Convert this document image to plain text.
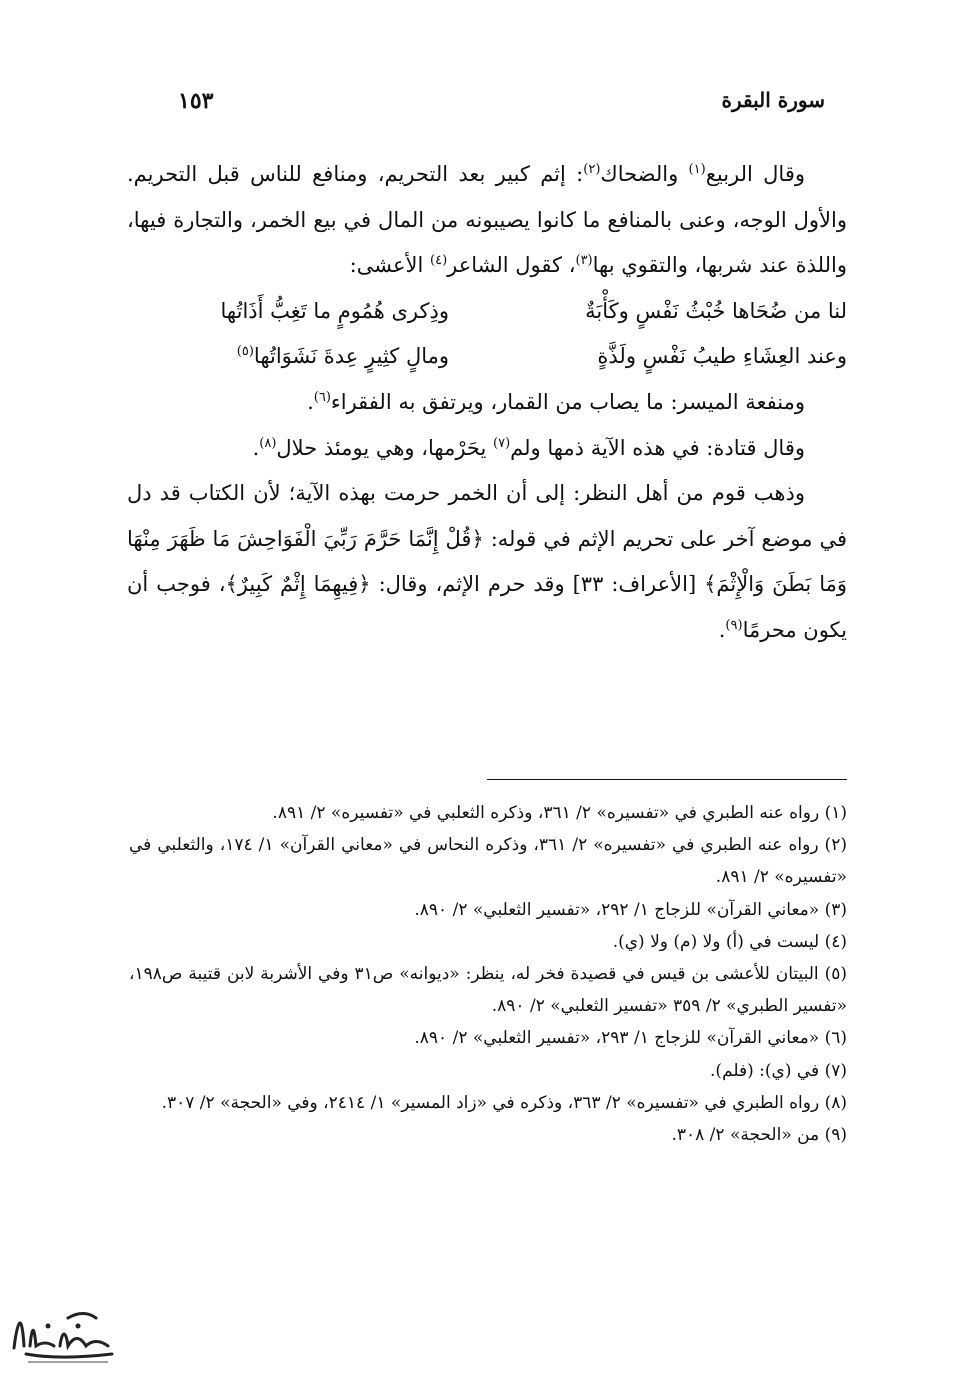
سورة البقرة
١٥٣

وقال الربيع$^{(١)}$ والضحاك$^{(٢)}$: إثم كبير بعد التحريم، ومنافع للناس قبل التحريم. والأول الوجه، وعنى بالمنافع ما كانوا يصيبونه من المال في بيع الخمر، والتجارة فيها، واللذة عند شربها، والتقوي بها$^{(٣)}$، كقول الشاعر$^{(٤)}$ الأعشى:

لنا من ضُحَاها خُبْثُ نَفْسٍ وكَأْبَةٌ
وذِكرى هُمُومٍ ما تَغِبُّ أَذَاتُها
وعند العِشَاءِ طيبُ نَفْسٍ ولَذَّةٍ
ومالٍ كثِيرٍ عِدةَ نَشَوَاتُها$^{(٥)}$

ومنفعة الميسر: ما يصاب من القمار، ويرتفق به الفقراء$^{(٦)}$.

وقال قتادة: في هذه الآية ذمها ولم$^{(٧)}$ يحَرْمها، وهي يومئذ حلال$^{(٨)}$.

وذهب قوم من أهل النظر: إلى أن الخمر حرمت بهذه الآية؛ لأن الكتاب قد دل في موضع آخر على تحريم الإثم في قوله: ﴿قُلْ إِنَّمَا حَرَّمَ رَبِّيَ الْفَوَاحِشَ مَا ظَهَرَ مِنْهَا وَمَا بَطَنَ وَالْإِثْمَ﴾ [الأعراف: ٣٣] وقد حرم الإثم، وقال: ﴿فِيهِمَا إِثْمٌ كَبِيرٌ﴾، فوجب أن يكون محرمًا$^{(٩)}$.

(١) رواه عنه الطبري في «تفسيره» ٢/ ٣٦١، وذكره الثعلبي في «تفسيره» ٢/ ٨٩١.

(٢) رواه عنه الطبري في «تفسيره» ٢/ ٣٦١، وذكره النحاس في «معاني القرآن» ١/ ١٧٤، والثعلبي في «تفسيره» ٢/ ٨٩١.

(٣) «معاني القرآن» للزجاج ١/ ٢٩٢، «تفسير الثعلبي» ٢/ ٨٩٠.

(٤) ليست في (أ) ولا (م) ولا (ي).

(٥) البيتان للأعشى بن قيس في قصيدة فخر له، ينظر: «ديوانه» ص٣١ وفي الأشربة لابن قتيبة ص١٩٨، «تفسير الطبري» ٢/ ٣٥٩ «تفسير الثعلبي» ٢/ ٨٩٠.

(٦) «معاني القرآن» للزجاج ١/ ٢٩٣، «تفسير الثعلبي» ٢/ ٨٩٠.

(٧) في (ي): (فلم).

(٨) رواه الطبري في «تفسيره» ٢/ ٣٦٣، وذكره في «زاد المسير» ١/ ٢٤١٤، وفي «الحجة» ٢/ ٣٠٧.

(٩) من «الحجة» ٢/ ٣٠٨.
